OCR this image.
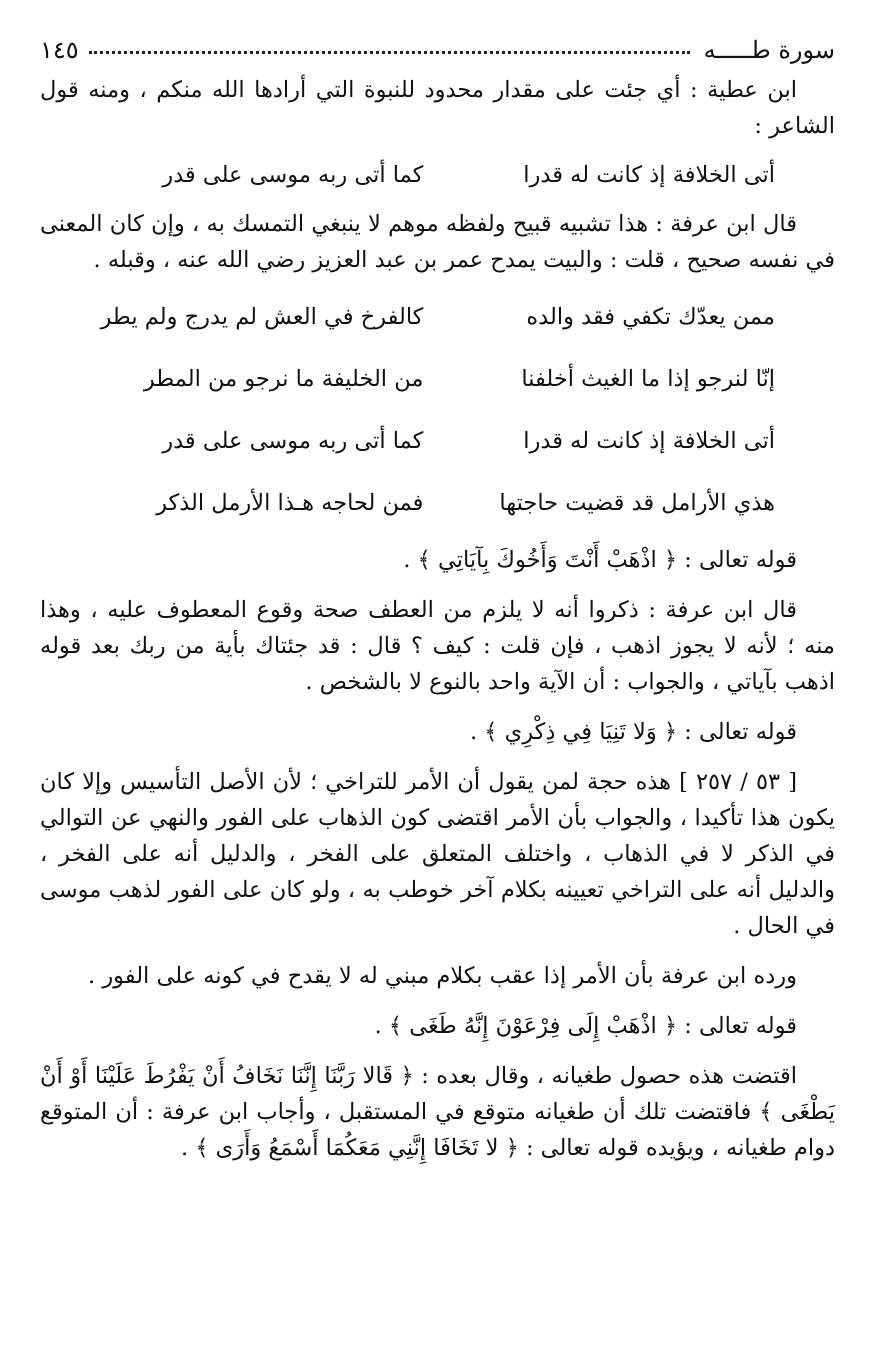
سورة طـــــه
١٤٥

ابن عطية : أي جئت على مقدار محدود للنبوة التي أرادها الله منكم ، ومنه قول الشاعر :

أتى الخلافة إذ كانت له قدرا
كما أتى ربه موسى على قدر

قال ابن عرفة : هذا تشبيه قبيح ولفظه موهم لا ينبغي التمسك به ، وإن كان المعنى في نفسه صحيح ، قلت : والبيت يمدح عمر بن عبد العزيز رضي الله عنه ، وقبله .

ممن يعدّك تكفي فقد والده
كالفرخ في العش لم يدرج ولم يطر
إنّا لنرجو إذا ما الغيث أخلفنا
من الخليفة ما نرجو من المطر
أتى الخلافة إذ كانت له قدرا
كما أتى ربه موسى على قدر
هذي الأرامل قد قضيت حاجتها
فمن لحاجه هـذا الأرمل الذكر

قوله تعالى : ﴿ اذْهَبْ أَنْتَ وَأَخُوكَ بِآيَاتِي ﴾ .

قال ابن عرفة : ذكروا أنه لا يلزم من العطف صحة وقوع المعطوف عليه ، وهذا منه ؛ لأنه لا يجوز اذهب ، فإن قلت : كيف ؟ قال : قد جئتاك بأية من ربك بعد قوله اذهب بآياتي ، والجواب : أن الآية واحد بالنوع لا بالشخص .

قوله تعالى : ﴿ وَلا تَنِيَا فِي ذِكْرِي ﴾ .

[ ٥٣ / ٢٥٧ ] هذه حجة لمن يقول أن الأمر للتراخي ؛ لأن الأصل التأسيس وإلا كان يكون هذا تأكيدا ، والجواب بأن الأمر اقتضى كون الذهاب على الفور والنهي عن التوالي في الذكر لا في الذهاب ، واختلف المتعلق على الفخر ، والدليل أنه على الفخر ، والدليل أنه على التراخي تعيينه بكلام آخر خوطب به ، ولو كان على الفور لذهب موسى في الحال .

ورده ابن عرفة بأن الأمر إذا عقب بكلام مبني له لا يقدح في كونه على الفور .

قوله تعالى : ﴿ اذْهَبْ إِلَى فِرْعَوْنَ إِنَّهُ طَغَى ﴾ .

اقتضت هذه حصول طغيانه ، وقال بعده : ﴿ قَالا رَبَّنَا إِنَّنَا نَخَافُ أَنْ يَفْرُطَ عَلَيْنَا أَوْ أَنْ يَطْغَى ﴾ فاقتضت تلك أن طغيانه متوقع في المستقبل ، وأجاب ابن عرفة : أن المتوقع دوام طغيانه ، ويؤيده قوله تعالى : ﴿ لا تَخَافَا إِنَّنِي مَعَكُمَا أَسْمَعُ وَأَرَى ﴾ .
